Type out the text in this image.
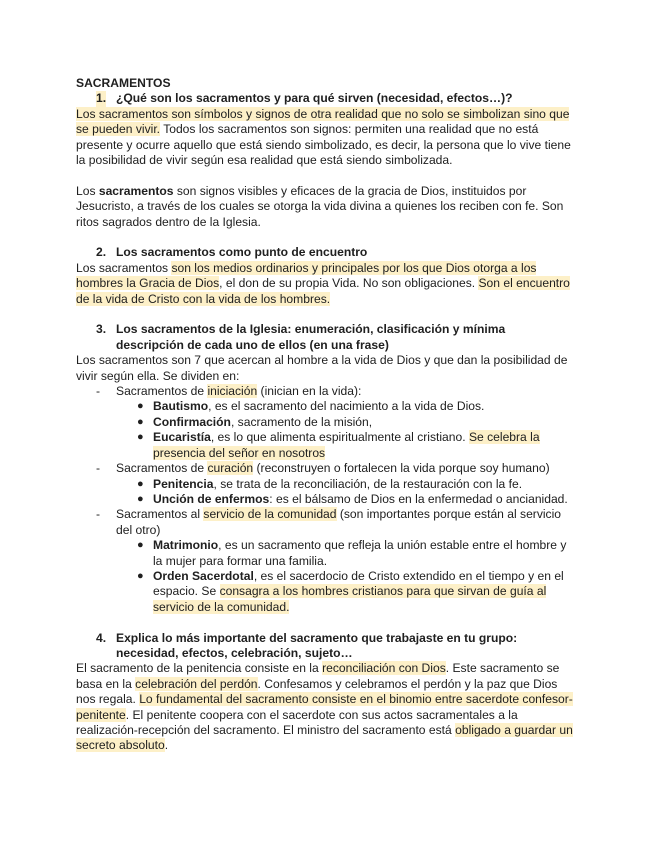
SACRAMENTOS

1. ¿Qué son los sacramentos y para qué sirven (necesidad, efectos…)?

Los sacramentos son símbolos y signos de otra realidad que no solo se simbolizan sino que se pueden vivir. Todos los sacramentos son signos: permiten una realidad que no está presente y ocurre aquello que está siendo simbolizado, es decir, la persona que lo vive tiene la posibilidad de vivir según esa realidad que está siendo simbolizada.

Los sacramentos son signos visibles y eficaces de la gracia de Dios, instituidos por Jesucristo, a través de los cuales se otorga la vida divina a quienes los reciben con fe. Son ritos sagrados dentro de la Iglesia.

2. Los sacramentos como punto de encuentro

Los sacramentos son los medios ordinarios y principales por los que Dios otorga a los hombres la Gracia de Dios, el don de su propia Vida. No son obligaciones. Son el encuentro de la vida de Cristo con la vida de los hombres.

3. Los sacramentos de la Iglesia: enumeración, clasificación y mínima descripción de cada uno de ellos (en una frase)

Los sacramentos son 7 que acercan al hombre a la vida de Dios y que dan la posibilidad de vivir según ella. Se dividen en:

- Sacramentos de iniciación (inician en la vida):

● Bautismo, es el sacramento del nacimiento a la vida de Dios.

● Confirmación, sacramento de la misión,

● Eucaristía, es lo que alimenta espiritualmente al cristiano. Se celebra la presencia del señor en nosotros

- Sacramentos de curación (reconstruyen o fortalecen la vida porque soy humano)

● Penitencia, se trata de la reconciliación, de la restauración con la fe.

● Unción de enfermos: es el bálsamo de Dios en la enfermedad o ancianidad.

- Sacramentos al servicio de la comunidad (son importantes porque están al servicio del otro)

● Matrimonio, es un sacramento que refleja la unión estable entre el hombre y la mujer para formar una familia.

● Orden Sacerdotal, es el sacerdocio de Cristo extendido en el tiempo y en el espacio. Se consagra a los hombres cristianos para que sirvan de guía al servicio de la comunidad.

4. Explica lo más importante del sacramento que trabajaste en tu grupo: necesidad, efectos, celebración, sujeto…

El sacramento de la penitencia consiste en la reconciliación con Dios. Este sacramento se basa en la celebración del perdón. Confesamos y celebramos el perdón y la paz que Dios nos regala. Lo fundamental del sacramento consiste en el binomio entre sacerdote confesor-penitente. El penitente coopera con el sacerdote con sus actos sacramentales a la realización-recepción del sacramento. El ministro del sacramento está obligado a guardar un secreto absoluto.
